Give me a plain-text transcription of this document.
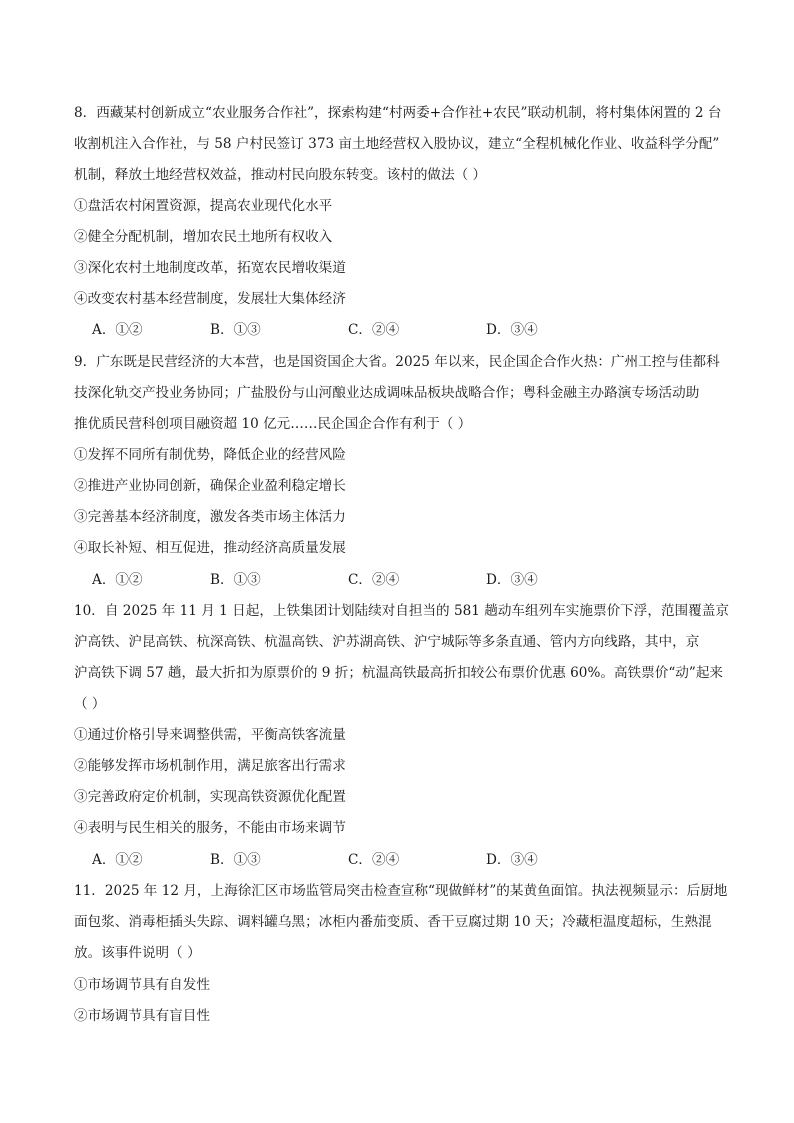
8．西藏某村创新成立“农业服务合作社”，探索构建“村两委+合作社+农民”联动机制，将村集体闲置的 2 台
收割机注入合作社，与 58 户村民签订 373 亩土地经营权入股协议，建立“全程机械化作业、收益科学分配”
机制，释放土地经营权效益，推动村民向股东转变。该村的做法（ ）
①盘活农村闲置资源，提高农业现代化水平
②健全分配机制，增加农民土地所有权收入
③深化农村土地制度改革，拓宽农民增收渠道
④改变农村基本经营制度，发展壮大集体经济
A．①②	B．①③	C．②④	D．③④
9．广东既是民营经济的大本营，也是国资国企大省。2025 年以来，民企国企合作火热：广州工控与佳都科
技深化轨交产投业务协同；广盐股份与山河酿业达成调味品板块战略合作；粤科金融主办路演专场活动助
推优质民营科创项目融资超 10 亿元……民企国企合作有利于（ ）
①发挥不同所有制优势，降低企业的经营风险
②推进产业协同创新，确保企业盈利稳定增长
③完善基本经济制度，激发各类市场主体活力
④取长补短、相互促进，推动经济高质量发展
A．①②	B．①③	C．②④	D．③④
10．自 2025 年 11 月 1 日起，上铁集团计划陆续对自担当的 581 趟动车组列车实施票价下浮，范围覆盖京
沪高铁、沪昆高铁、杭深高铁、杭温高铁、沪苏湖高铁、沪宁城际等多条直通、管内方向线路，其中，京
沪高铁下调 57 趟，最大折扣为原票价的 9 折；杭温高铁最高折扣较公布票价优惠 60%。高铁票价“动”起来
（ ）
①通过价格引导来调整供需，平衡高铁客流量
②能够发挥市场机制作用，满足旅客出行需求
③完善政府定价机制，实现高铁资源优化配置
④表明与民生相关的服务，不能由市场来调节
A．①②	B．①③	C．②④	D．③④
11．2025 年 12 月，上海徐汇区市场监管局突击检查宣称“现做鲜材”的某黄鱼面馆。执法视频显示：后厨地
面包浆、消毒柜插头失踪、调料罐乌黑；冰柜内番茄变质、香干豆腐过期 10 天；冷藏柜温度超标，生熟混
放。该事件说明（ ）
①市场调节具有自发性
②市场调节具有盲目性
